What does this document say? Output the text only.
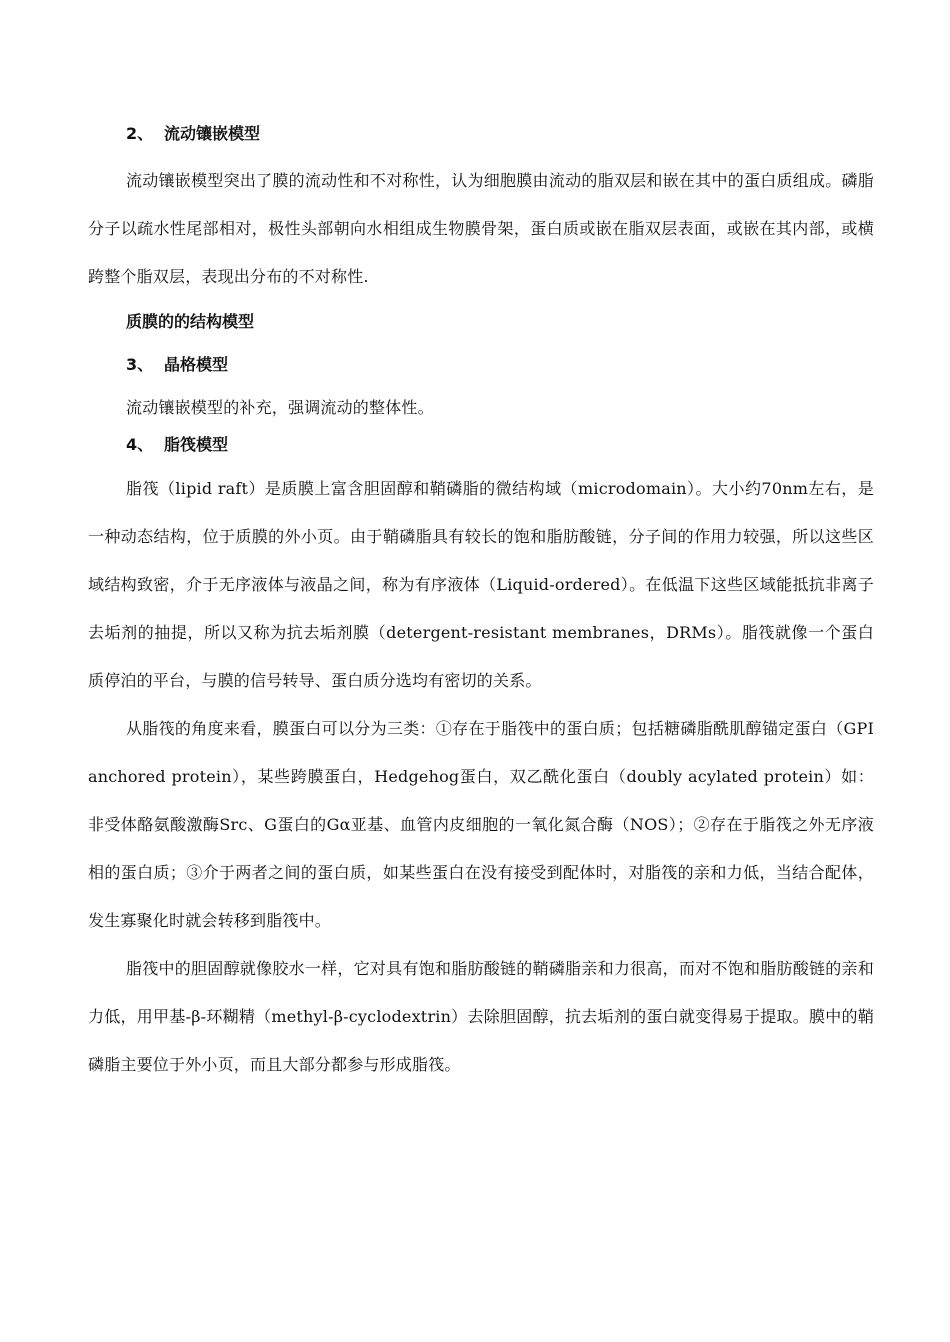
2、 流动镶嵌模型

流动镶嵌模型突出了膜的流动性和不对称性，认为细胞膜由流动的脂双层和嵌在其中的蛋白质组成。磷脂分子以疏水性尾部相对，极性头部朝向水相组成生物膜骨架，蛋白质或嵌在脂双层表面，或嵌在其内部，或横跨整个脂双层，表现出分布的不对称性.

质膜的的结构模型
3、 晶格模型

流动镶嵌模型的补充，强调流动的整体性。

4、 脂筏模型

脂筏（lipid raft）是质膜上富含胆固醇和鞘磷脂的微结构域（microdomain）。大小约70nm左右，是一种动态结构，位于质膜的外小页。由于鞘磷脂具有较长的饱和脂肪酸链，分子间的作用力较强，所以这些区域结构致密，介于无序液体与液晶之间，称为有序液体（Liquid-ordered）。在低温下这些区域能抵抗非离子去垢剂的抽提，所以又称为抗去垢剂膜（detergent-resistant membranes，DRMs）。脂筏就像一个蛋白质停泊的平台，与膜的信号转导、蛋白质分选均有密切的关系。

从脂筏的角度来看，膜蛋白可以分为三类：①存在于脂筏中的蛋白质；包括糖磷脂酰肌醇锚定蛋白（GPI anchored protein），某些跨膜蛋白，Hedgehog蛋白，双乙酰化蛋白（doubly acylated protein）如：非受体酪氨酸激酶Src、G蛋白的Gα亚基、血管内皮细胞的一氧化氮合酶（NOS）；②存在于脂筏之外无序液相的蛋白质；③介于两者之间的蛋白质，如某些蛋白在没有接受到配体时，对脂筏的亲和力低，当结合配体，发生寡聚化时就会转移到脂筏中。

脂筏中的胆固醇就像胶水一样，它对具有饱和脂肪酸链的鞘磷脂亲和力很高，而对不饱和脂肪酸链的亲和力低，用甲基-β-环糊精（methyl-β-cyclodextrin）去除胆固醇，抗去垢剂的蛋白就变得易于提取。膜中的鞘磷脂主要位于外小页，而且大部分都参与形成脂筏。
